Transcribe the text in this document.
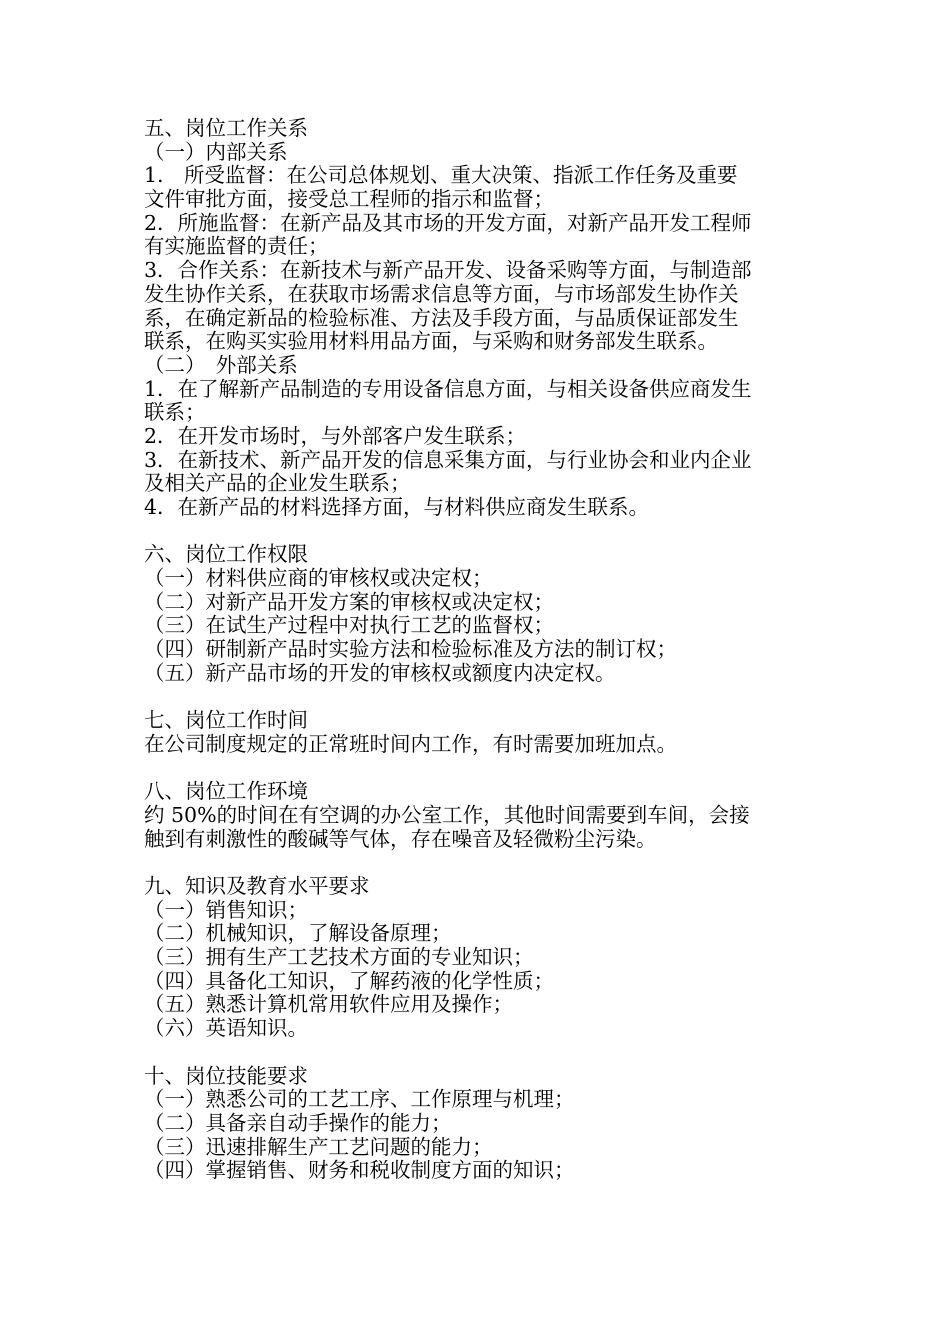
五、岗位工作关系
（一）内部关系
1.　所受监督：在公司总体规划、重大决策、指派工作任务及重要
文件审批方面，接受总工程师的指示和监督；
2．所施监督：在新产品及其市场的开发方面，对新产品开发工程师
有实施监督的责任；
3．合作关系：在新技术与新产品开发、设备采购等方面，与制造部
发生协作关系，在获取市场需求信息等方面，与市场部发生协作关
系，在确定新品的检验标准、方法及手段方面，与品质保证部发生
联系，在购买实验用材料用品方面，与采购和财务部发生联系。
（二）　外部关系
1．在了解新产品制造的专用设备信息方面，与相关设备供应商发生
联系；
2．在开发市场时，与外部客户发生联系；
3．在新技术、新产品开发的信息采集方面，与行业协会和业内企业
及相关产品的企业发生联系；
4．在新产品的材料选择方面，与材料供应商发生联系。
六、岗位工作权限
（一）材料供应商的审核权或决定权；
（二）对新产品开发方案的审核权或决定权；
（三）在试生产过程中对执行工艺的监督权；
（四）研制新产品时实验方法和检验标准及方法的制订权；
（五）新产品市场的开发的审核权或额度内决定权。
七、岗位工作时间
在公司制度规定的正常班时间内工作，有时需要加班加点。
八、岗位工作环境
约 50%的时间在有空调的办公室工作，其他时间需要到车间，会接
触到有刺激性的酸碱等气体，存在噪音及轻微粉尘污染。
九、知识及教育水平要求
（一）销售知识；
（二）机械知识，了解设备原理；
（三）拥有生产工艺技术方面的专业知识；
（四）具备化工知识，了解药液的化学性质；
（五）熟悉计算机常用软件应用及操作；
（六）英语知识。
十、岗位技能要求
（一）熟悉公司的工艺工序、工作原理与机理；
（二）具备亲自动手操作的能力；
（三）迅速排解生产工艺问题的能力；
（四）掌握销售、财务和税收制度方面的知识；
